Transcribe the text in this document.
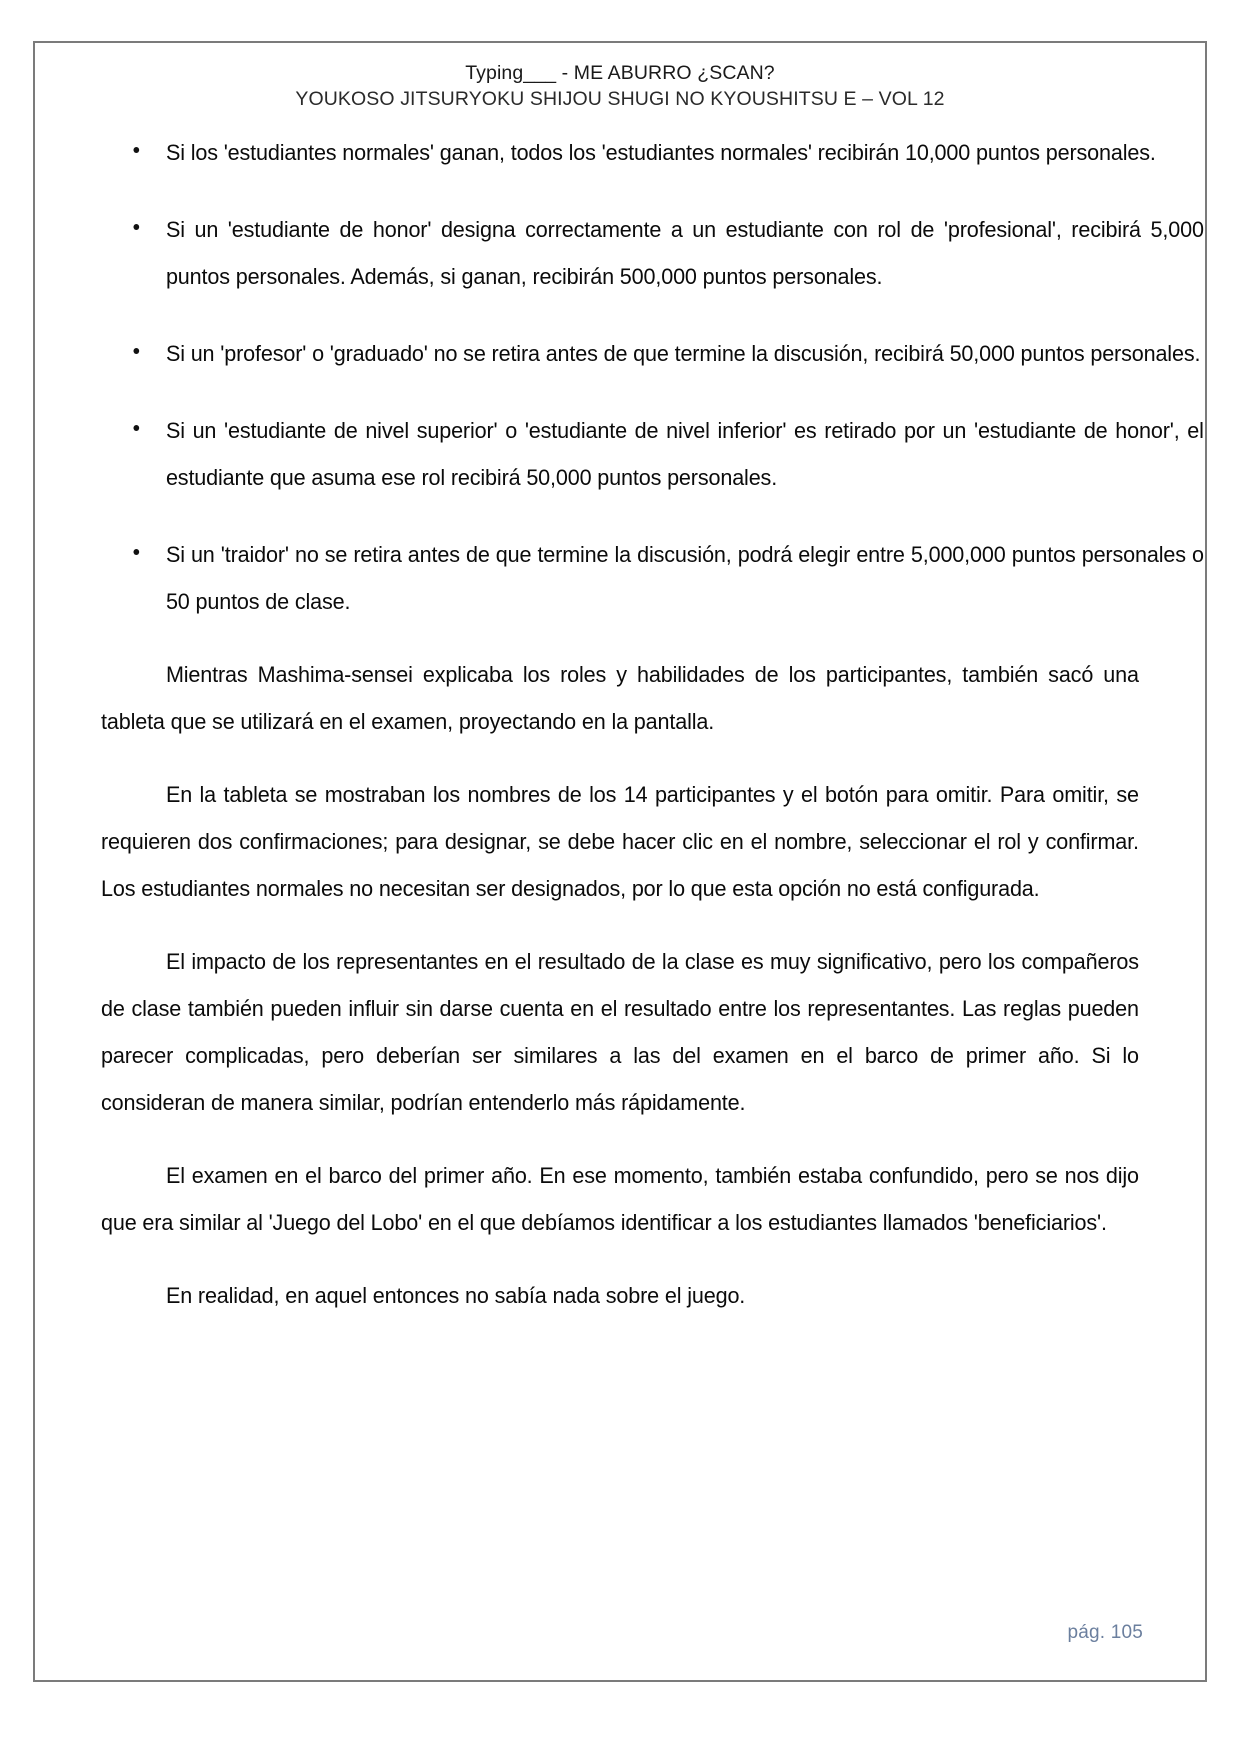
Typing___ - ME ABURRO ¿SCAN?
YOUKOSO JITSURYOKU SHIJOU SHUGI NO KYOUSHITSU E – VOL 12
Si los 'estudiantes normales' ganan, todos los 'estudiantes normales' recibirán 10,000 puntos personales.
Si un 'estudiante de honor' designa correctamente a un estudiante con rol de 'profesional', recibirá 5,000 puntos personales. Además, si ganan, recibirán 500,000 puntos personales.
Si un 'profesor' o 'graduado' no se retira antes de que termine la discusión, recibirá 50,000 puntos personales.
Si un 'estudiante de nivel superior' o 'estudiante de nivel inferior' es retirado por un 'estudiante de honor', el estudiante que asuma ese rol recibirá 50,000 puntos personales.
Si un 'traidor' no se retira antes de que termine la discusión, podrá elegir entre 5,000,000 puntos personales o 50 puntos de clase.

Mientras Mashima-sensei explicaba los roles y habilidades de los participantes, también sacó una tableta que se utilizará en el examen, proyectando en la pantalla.

En la tableta se mostraban los nombres de los 14 participantes y el botón para omitir. Para omitir, se requieren dos confirmaciones; para designar, se debe hacer clic en el nombre, seleccionar el rol y confirmar. Los estudiantes normales no necesitan ser designados, por lo que esta opción no está configurada.

El impacto de los representantes en el resultado de la clase es muy significativo, pero los compañeros de clase también pueden influir sin darse cuenta en el resultado entre los representantes. Las reglas pueden parecer complicadas, pero deberían ser similares a las del examen en el barco de primer año. Si lo consideran de manera similar, podrían entenderlo más rápidamente.

El examen en el barco del primer año. En ese momento, también estaba confundido, pero se nos dijo que era similar al 'Juego del Lobo' en el que debíamos identificar a los estudiantes llamados 'beneficiarios'.

En realidad, en aquel entonces no sabía nada sobre el juego.

pág. 105
